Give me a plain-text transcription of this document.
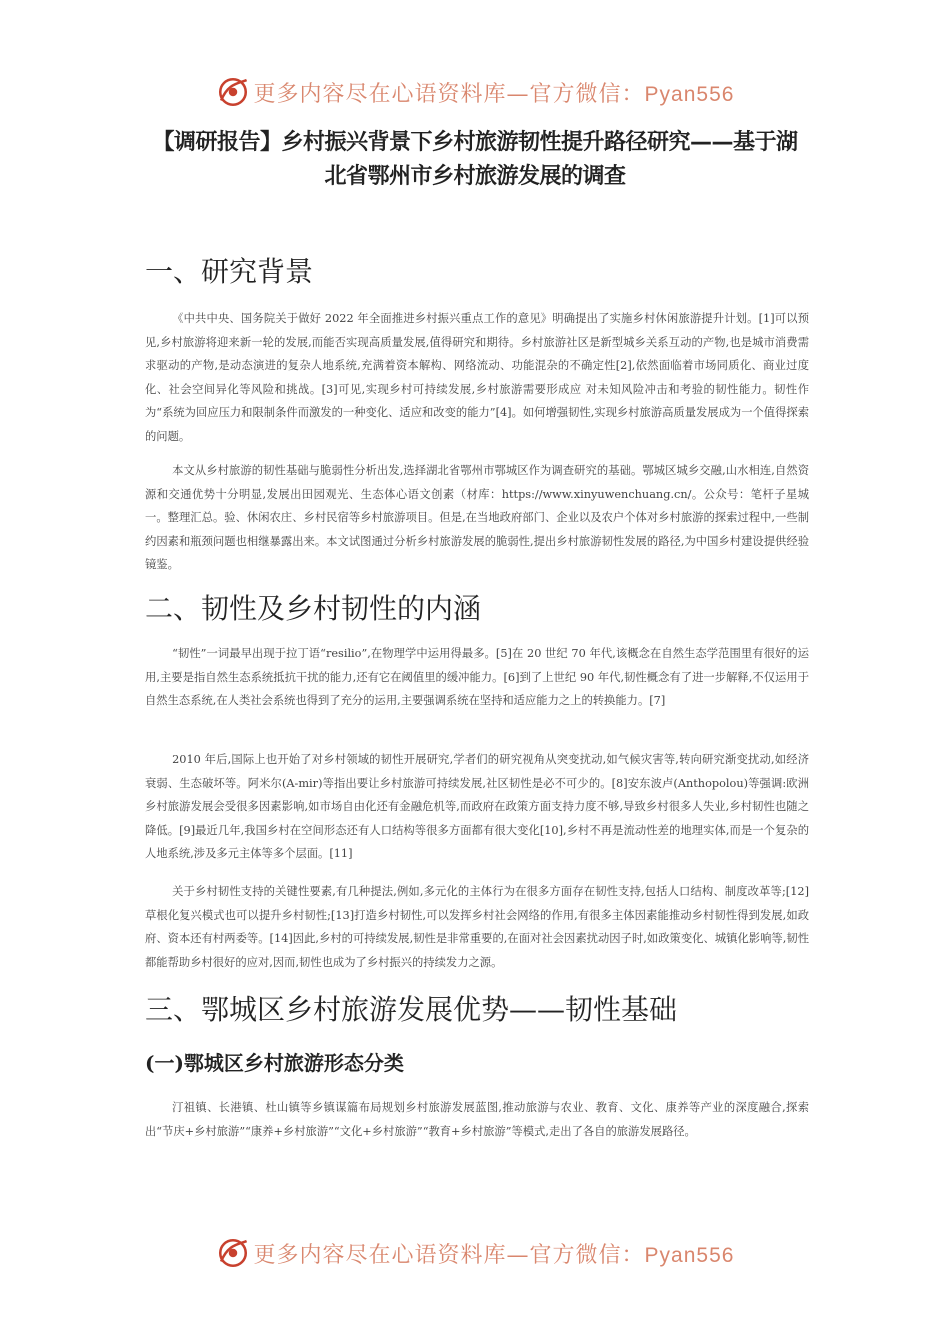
更多内容尽在心语资料库—官方微信：Pyan556
【调研报告】乡村振兴背景下乡村旅游韧性提升路径研究——基于湖北省鄂州市乡村旅游发展的调查
一、研究背景

《中共中央、国务院关于做好 2022 年全面推进乡村振兴重点工作的意见》明确提出了实施乡村休闲旅游提升计划。[1]可以预见,乡村旅游将迎来新一轮的发展,而能否实现高质量发展,值得研究和期待。乡村旅游社区是新型城乡关系互动的产物,也是城市消费需求驱动的产物,是动态演进的复杂人地系统,充满着资本解构、网络流动、功能混杂的不确定性[2],依然面临着市场同质化、商业过度化、社会空间异化等风险和挑战。[3]可见,实现乡村可持续发展,乡村旅游需要形成应 对未知风险冲击和考验的韧性能力。韧性作为“系统为回应压力和限制条件而激发的一种变化、适应和改变的能力”[4]。如何增强韧性,实现乡村旅游高质量发展成为一个值得探索的问题。

本文从乡村旅游的韧性基础与脆弱性分析出发,选择湖北省鄂州市鄂城区作为调查研究的基础。鄂城区城乡交融,山水相连,自然资源和交通优势十分明显,发展出田园观光、生态体心语文创素（材库：https://www.xinyuwenchuang.cn/。公众号：笔杆子星城一。整理汇总。验、休闲农庄、乡村民宿等乡村旅游项目。但是,在当地政府部门、企业以及农户个体对乡村旅游的探索过程中,一些制约因素和瓶颈问题也相继暴露出来。本文试图通过分析乡村旅游发展的脆弱性,提出乡村旅游韧性发展的路径,为中国乡村建设提供经验镜鉴。

二、韧性及乡村韧性的内涵

“韧性”一词最早出现于拉丁语“resilio”,在物理学中运用得最多。[5]在 20 世纪 70 年代,该概念在自然生态学范围里有很好的运用,主要是指自然生态系统抵抗干扰的能力,还有它在阈值里的缓冲能力。[6]到了上世纪 90 年代,韧性概念有了进一步解释,不仅运用于自然生态系统,在人类社会系统也得到了充分的运用,主要强调系统在坚持和适应能力之上的转换能力。[7]

2010 年后,国际上也开始了对乡村领域的韧性开展研究,学者们的研究视角从突变扰动,如气候灾害等,转向研究渐变扰动,如经济衰弱、生态破坏等。阿米尔(A-mir)等指出要让乡村旅游可持续发展,社区韧性是必不可少的。[8]安东波卢(Anthopolou)等强调:欧洲乡村旅游发展会受很多因素影响,如市场自由化还有金融危机等,而政府在政策方面支持力度不够,导致乡村很多人失业,乡村韧性也随之降低。[9]最近几年,我国乡村在空间形态还有人口结构等很多方面都有很大变化[10],乡村不再是流动性差的地理实体,而是一个复杂的人地系统,涉及多元主体等多个层面。[11]

关于乡村韧性支持的关键性要素,有几种提法,例如,多元化的主体行为在很多方面存在韧性支持,包括人口结构、制度改革等;[12]草根化复兴模式也可以提升乡村韧性;[13]打造乡村韧性,可以发挥乡村社会网络的作用,有很多主体因素能推动乡村韧性得到发展,如政府、资本还有村两委等。[14]因此,乡村的可持续发展,韧性是非常重要的,在面对社会因素扰动因子时,如政策变化、城镇化影响等,韧性都能帮助乡村很好的应对,因而,韧性也成为了乡村振兴的持续发力之源。

三、鄂城区乡村旅游发展优势——韧性基础
(一)鄂城区乡村旅游形态分类

汀祖镇、长港镇、杜山镇等乡镇谋篇布局规划乡村旅游发展蓝图,推动旅游与农业、教育、文化、康养等产业的深度融合,探索出“节庆+乡村旅游”“康养+乡村旅游”“文化+乡村旅游”“教育+乡村旅游”等模式,走出了各自的旅游发展路径。

更多内容尽在心语资料库—官方微信：Pyan556
